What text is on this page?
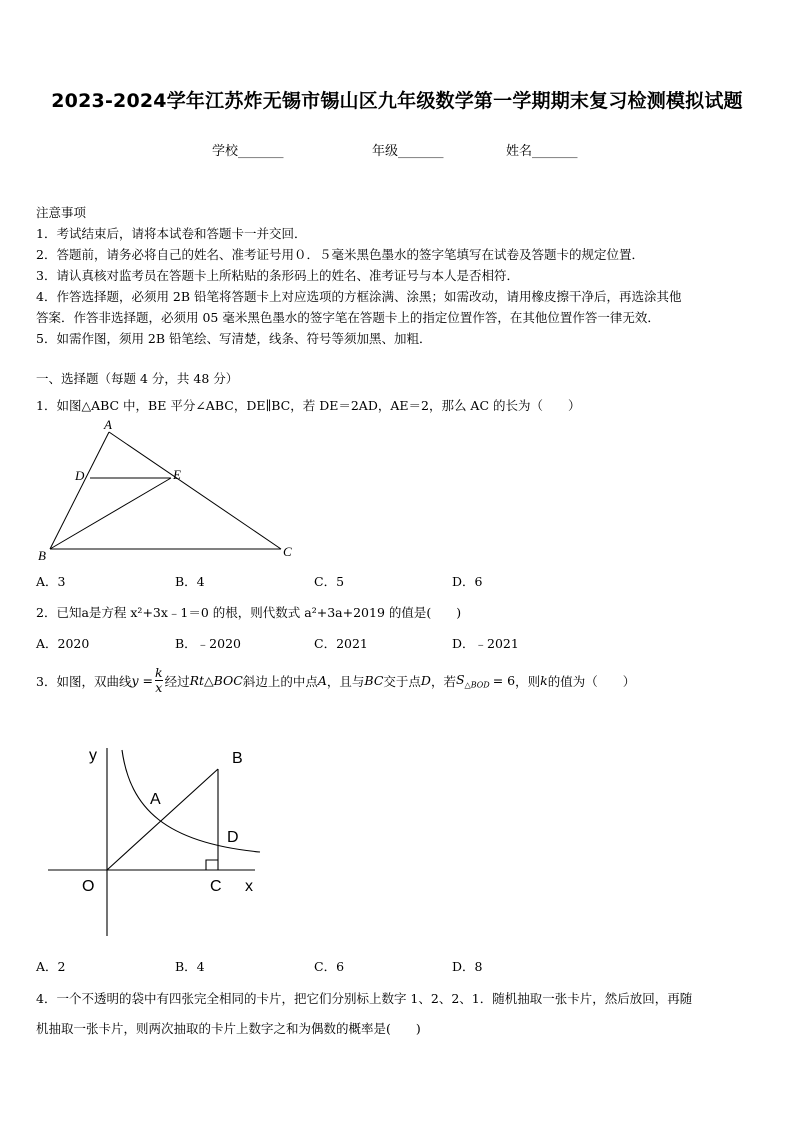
2023-2024学年江苏炸无锡市锡山区九年级数学第一学期期末复习检测模拟试题
学校_______	年级_______	姓名_______
注意事项
1．考试结束后，请将本试卷和答题卡一并交回．
2．答题前，请务必将自己的姓名、准考证号用０．５毫米黑色墨水的签字笔填写在试卷及答题卡的规定位置．
3．请认真核对监考员在答题卡上所粘贴的条形码上的姓名、准考证号与本人是否相符．
4．作答选择题，必须用 2B 铅笔将答题卡上对应选项的方框涂满、涂黑；如需改动，请用橡皮擦干净后，再选涂其他
答案．作答非选择题，必须用 05 毫米黑色墨水的签字笔在答题卡上的指定位置作答，在其他位置作答一律无效．
5．如需作图，须用 2B 铅笔绘、写清楚，线条、符号等须加黑、加粗．
一、选择题（每题 4 分，共 48 分）
1．如图△ABC 中，BE 平分∠ABC，DE∥BC，若 DE＝2AD，AE＝2，那么 AC 的长为（　　）
A
D	E
B	C
A．3	B．4	C．5	D．6
2．已知a是方程 x²+3x﹣1＝0 的根，则代数式 a²+3a+2019 的值是(　　)
A．2020	B．﹣2020	C．2021	D．﹣2021
3．如图，双曲线 $y = \frac{k}{x}$ 经过 Rt△BOC 斜边上的中点 A ，且与 BC 交于点 D ，若 $S_{\triangle BOD} = 6$ ，则 k 的值为（　　）
y
x
O
A
B
D
C
A．2	B．4	C．6	D．8
4．一个不透明的袋中有四张完全相同的卡片，把它们分别标上数字 1、2、2、1．随机抽取一张卡片，然后放回，再随
机抽取一张卡片，则两次抽取的卡片上数字之和为偶数的概率是(　　)
